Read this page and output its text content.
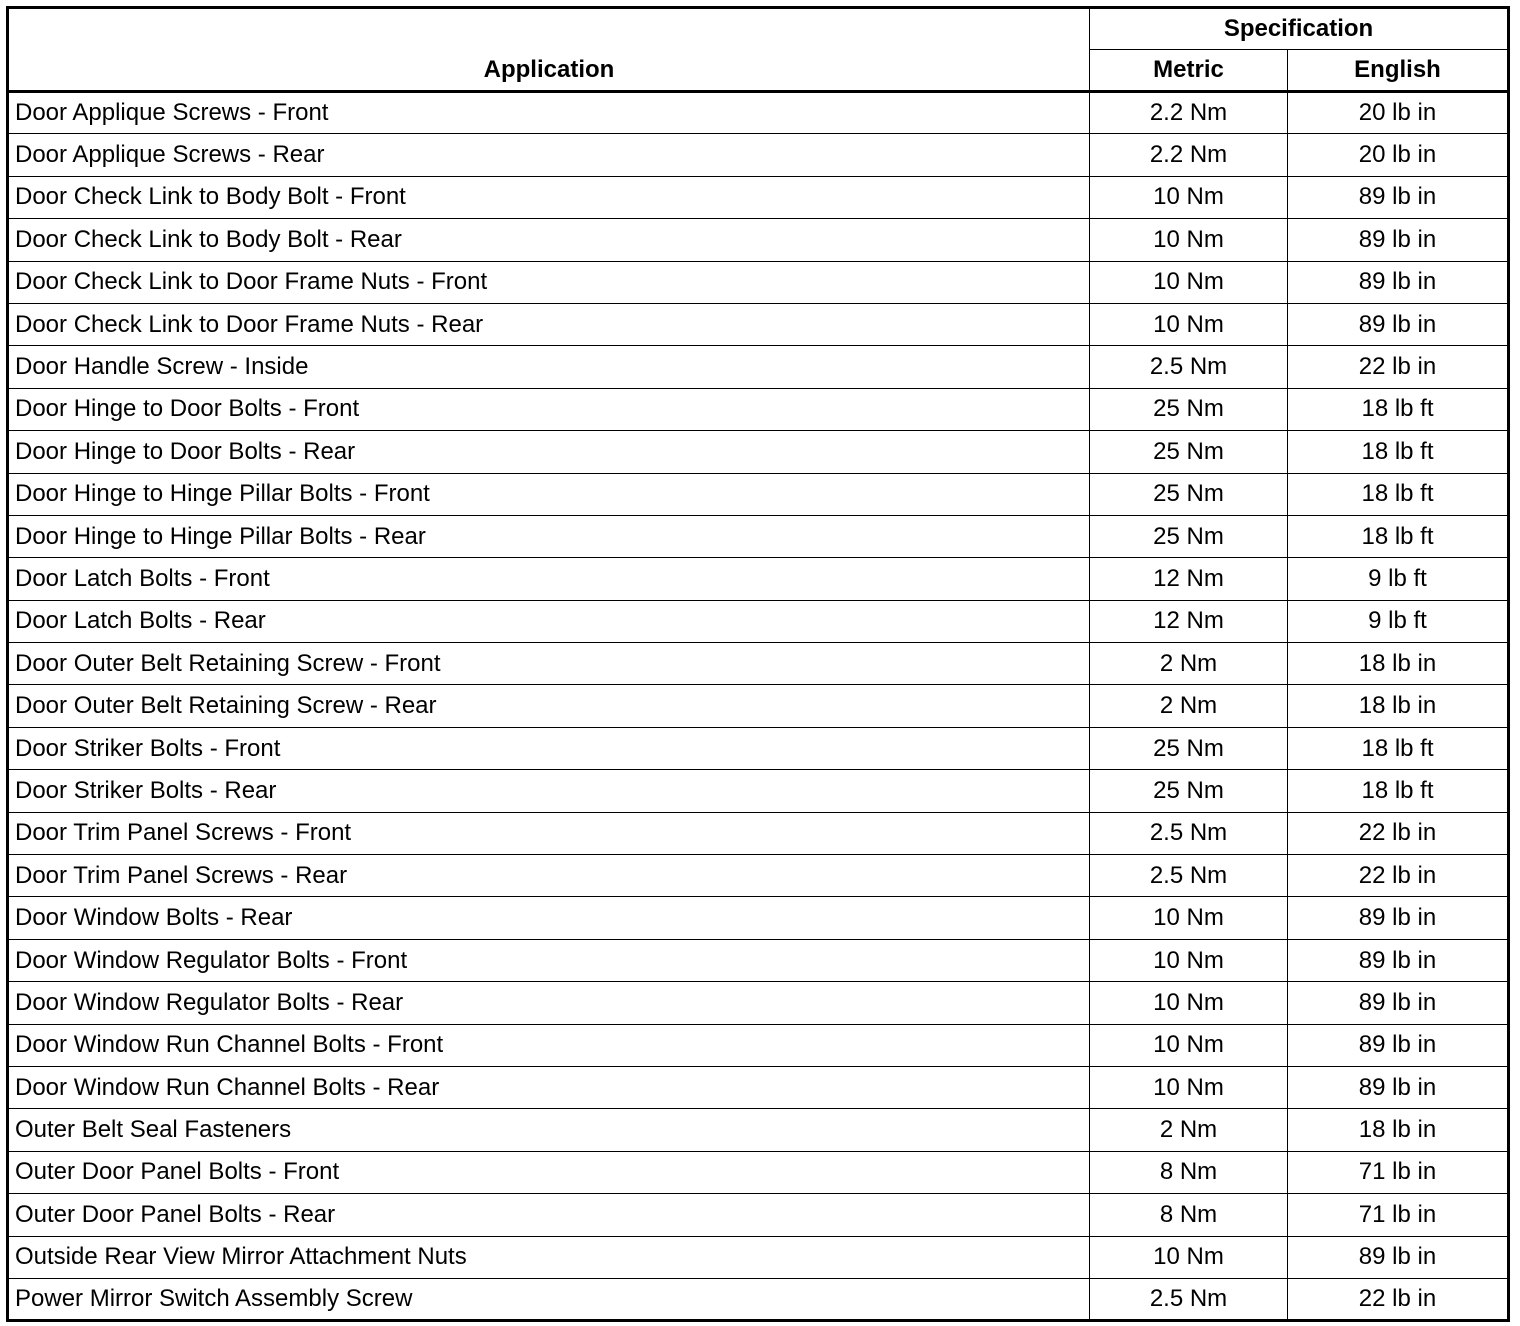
Application	Specification	
	Metric	English
Door Applique Screws - Front	2.2 Nm	20 lb in
Door Applique Screws - Rear	2.2 Nm	20 lb in
Door Check Link to Body Bolt - Front	10 Nm	89 lb in
Door Check Link to Body Bolt - Rear	10 Nm	89 lb in
Door Check Link to Door Frame Nuts - Front	10 Nm	89 lb in
Door Check Link to Door Frame Nuts - Rear	10 Nm	89 lb in
Door Handle Screw - Inside	2.5 Nm	22 lb in
Door Hinge to Door Bolts - Front	25 Nm	18 lb ft
Door Hinge to Door Bolts - Rear	25 Nm	18 lb ft
Door Hinge to Hinge Pillar Bolts - Front	25 Nm	18 lb ft
Door Hinge to Hinge Pillar Bolts - Rear	25 Nm	18 lb ft
Door Latch Bolts - Front	12 Nm	9 lb ft
Door Latch Bolts - Rear	12 Nm	9 lb ft
Door Outer Belt Retaining Screw - Front	2 Nm	18 lb in
Door Outer Belt Retaining Screw - Rear	2 Nm	18 lb in
Door Striker Bolts - Front	25 Nm	18 lb ft
Door Striker Bolts - Rear	25 Nm	18 lb ft
Door Trim Panel Screws - Front	2.5 Nm	22 lb in
Door Trim Panel Screws - Rear	2.5 Nm	22 lb in
Door Window Bolts - Rear	10 Nm	89 lb in
Door Window Regulator Bolts - Front	10 Nm	89 lb in
Door Window Regulator Bolts - Rear	10 Nm	89 lb in
Door Window Run Channel Bolts - Front	10 Nm	89 lb in
Door Window Run Channel Bolts - Rear	10 Nm	89 lb in
Outer Belt Seal Fasteners	2 Nm	18 lb in
Outer Door Panel Bolts - Front	8 Nm	71 lb in
Outer Door Panel Bolts - Rear	8 Nm	71 lb in
Outside Rear View Mirror Attachment Nuts	10 Nm	89 lb in
Power Mirror Switch Assembly Screw	2.5 Nm	22 lb in
